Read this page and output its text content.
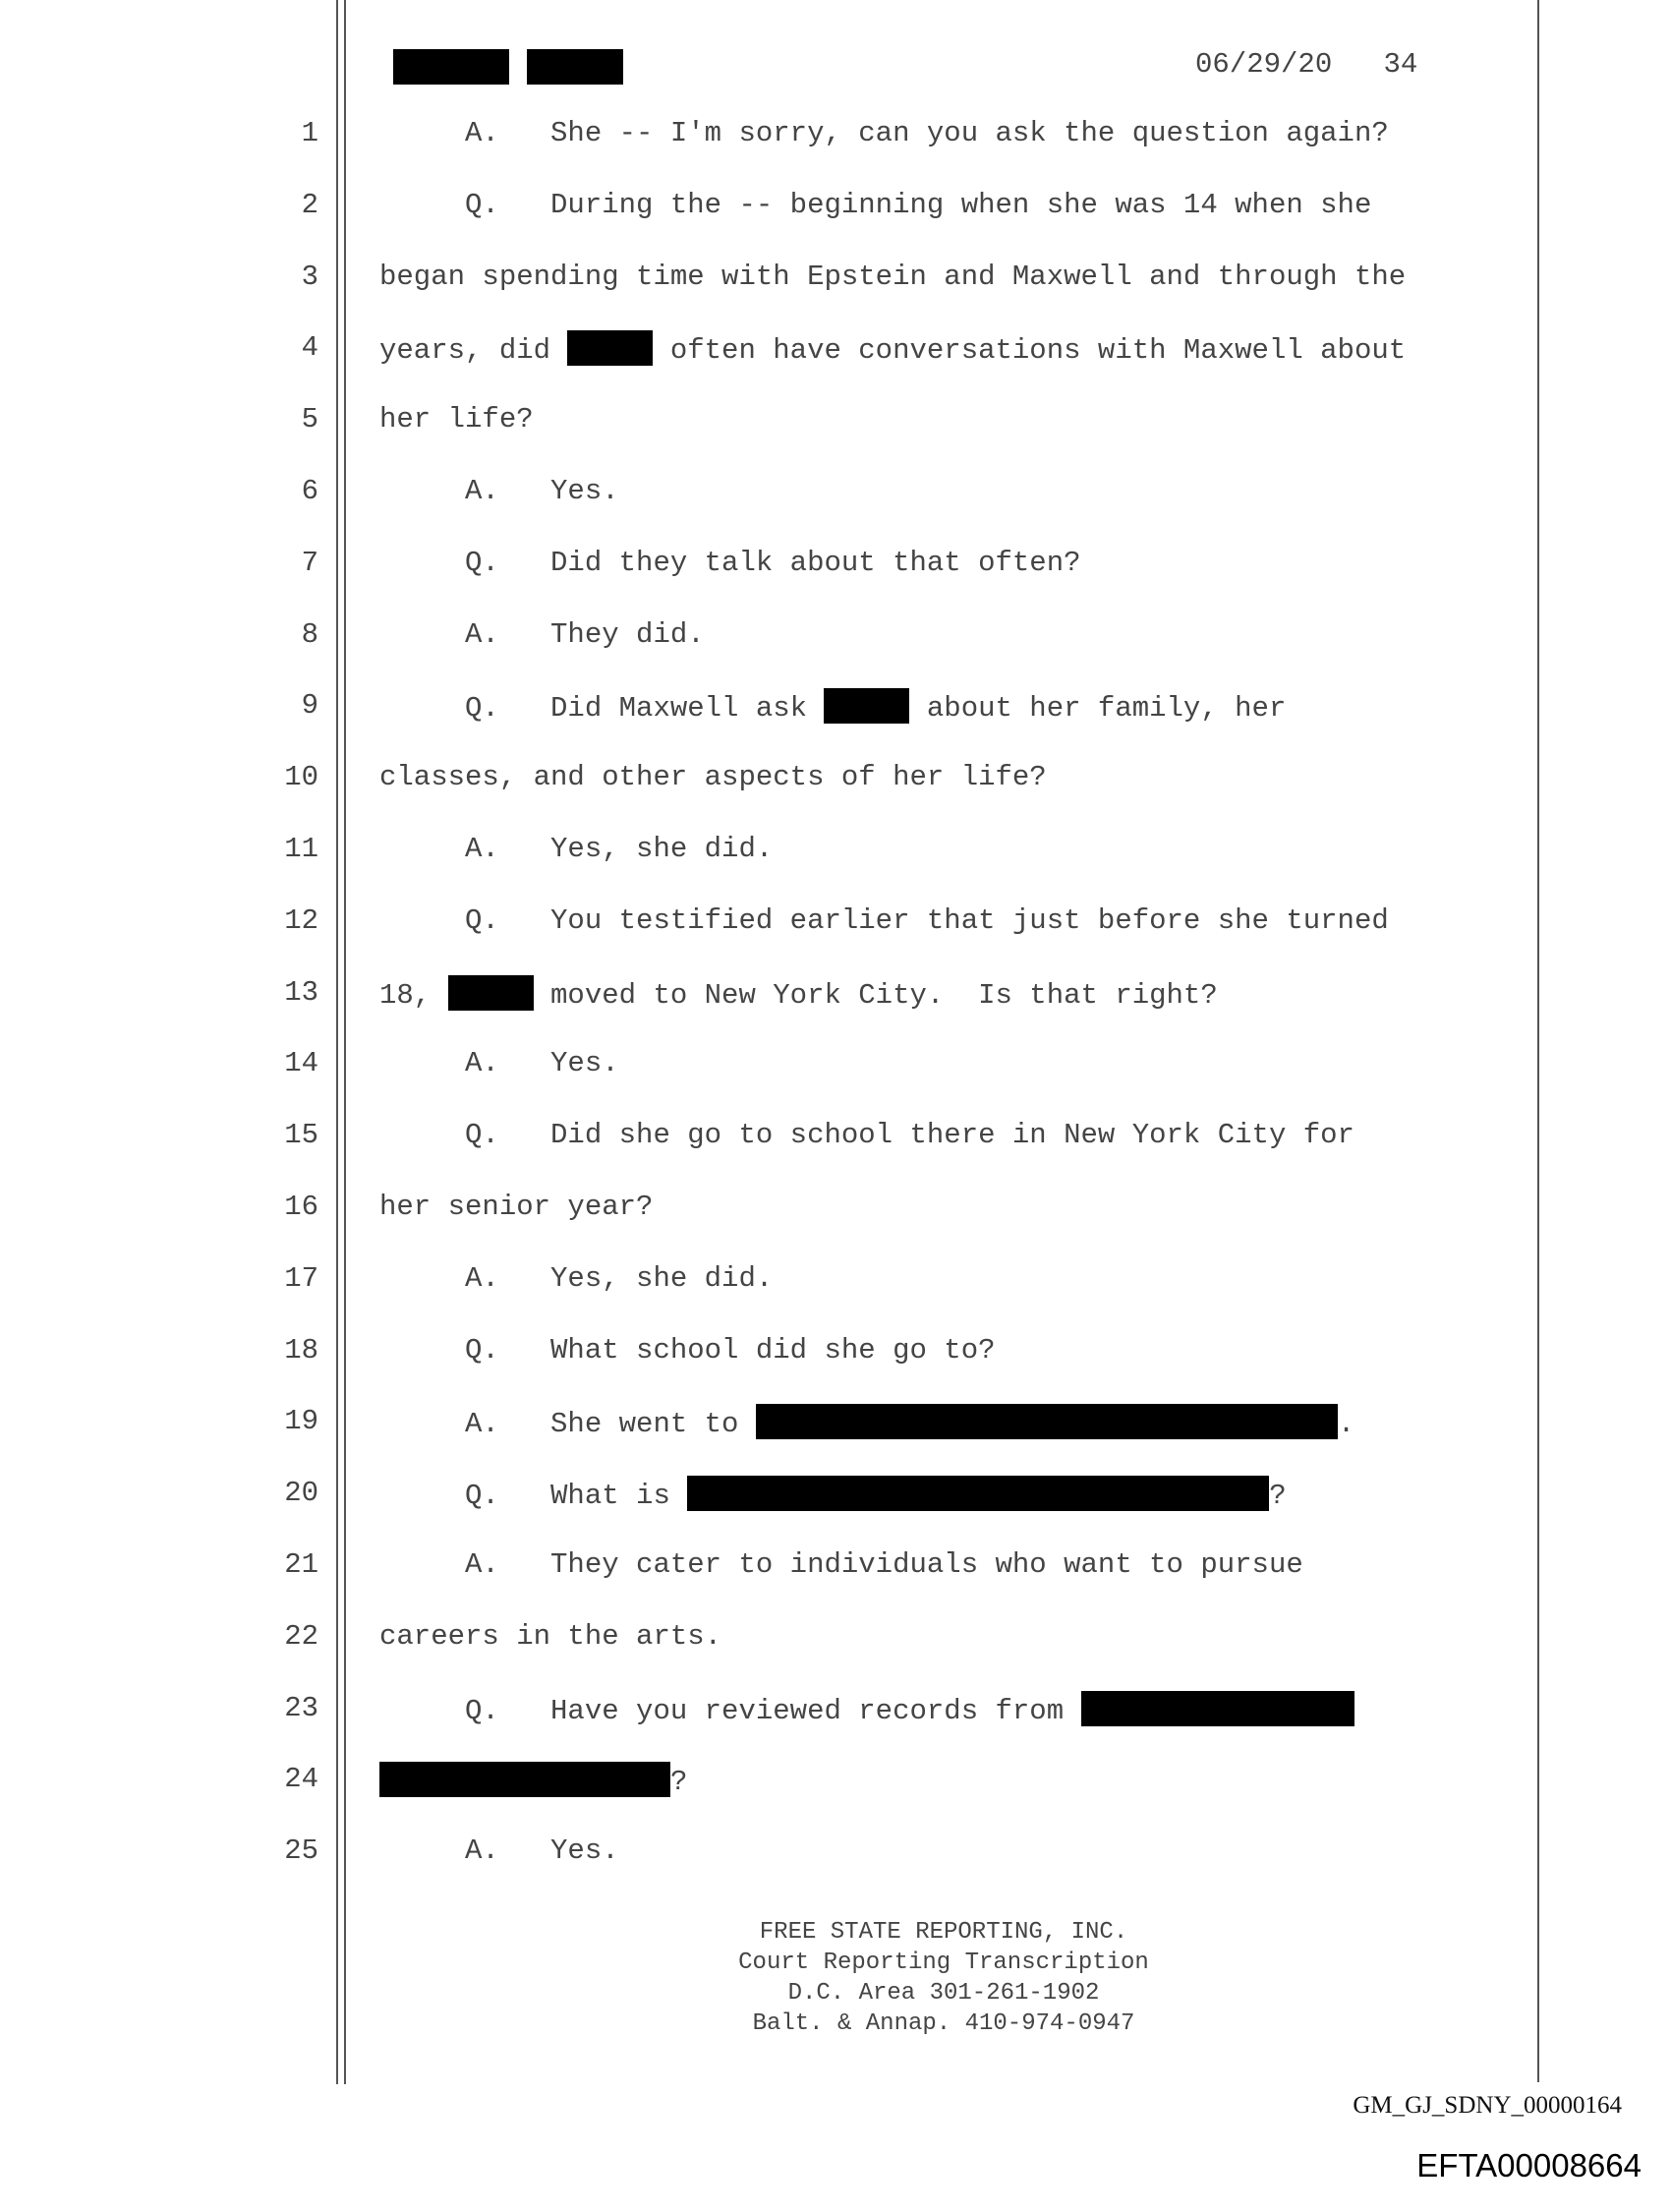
06/29/20 34
1 A.   She -- I'm sorry, can you ask the question again?
2 Q.   During the -- beginning when she was 14 when she
3 began spending time with Epstein and Maxwell and through the
4 years, did	often have conversations with Maxwell about
5 her life?
6 A.   Yes.
7 Q.   Did they talk about that often?
8 A.   They did.
9 Q.   Did Maxwell ask	about her family, her
10 classes, and other aspects of her life?
11 A.   Yes, she did.
12 Q.   You testified earlier that just before she turned
13 18,	moved to New York City.  Is that right?
14 A.   Yes.
15 Q.   Did she go to school there in New York City for
16 her senior year?
17 A.   Yes, she did.
18 Q.   What school did she go to?
19 A.   She went to	.
20 Q.   What is	?
21 A.   They cater to individuals who want to pursue
22 careers in the arts.
23 Q.   Have you reviewed records from
24	?
25 A.   Yes.
FREE STATE REPORTING, INC.
Court Reporting Transcription
D.C. Area 301-261-1902
Balt. & Annap. 410-974-0947
GM_GJ_SDNY_00000164
EFTA00008664
